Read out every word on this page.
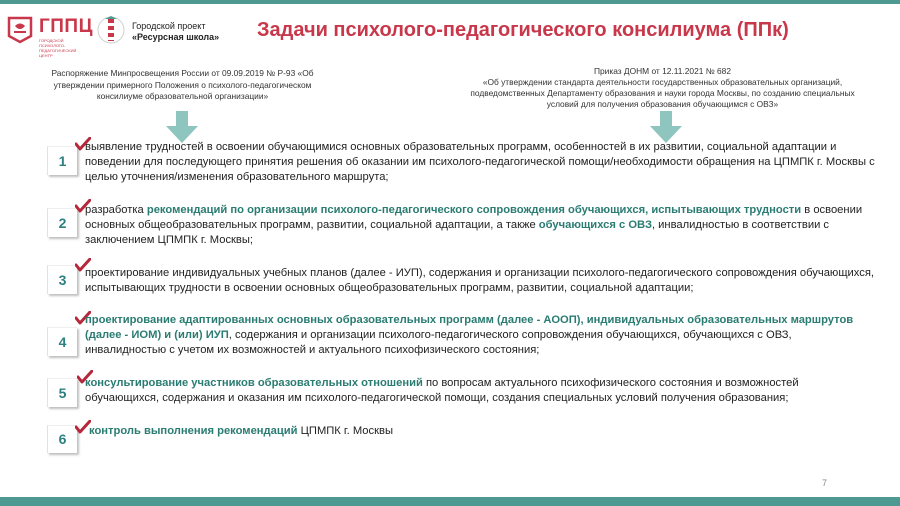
ГППЦ
ГОРОДСКОЙ ПСИХОЛОГО-ПЕДАГОГИЧЕСКИЙ ЦЕНТР
Городской проект
«Ресурсная школа» Задачи психолого-педагогического консилиума (ППк)
Распоряжение Минпросвещения России от 09.09.2019 № Р-93 «Об утверждении примерного Положения о психолого-педагогическом консилиуме образовательной организации»
Приказ ДОНМ от 12.11.2021 № 682
«Об утверждении стандарта деятельности государственных образовательных организаций, подведомственных Департаменту образования и науки города Москвы, по созданию специальных условий для получения образования обучающимся с ОВЗ»
1
выявление трудностей в освоении обучающимися основных образовательных программ, особенностей в их развитии, социальной адаптации и поведении для последующего принятия решения об оказании им психолого-педагогической помощи/необходимости обращения на ЦПМПК г. Москвы с целью уточнения/изменения образовательного маршрута;
2
разработка рекомендаций по организации психолого-педагогического сопровождения обучающихся, испытывающих трудности в освоении основных общеобразовательных программ, развитии, социальной адаптации, а также обучающихся с ОВЗ, инвалидностью в соответствии с заключением ЦПМПК г. Москвы;
3	проектирование индивидуальных учебных планов (далее - ИУП), содержания и организации психолого-педагогического сопровождения обучающихся, испытывающих трудности в освоении основных общеобразовательных программ, развитии, социальной адаптации;
4
проектирование адаптированных основных образовательных программ (далее - АООП), индивидуальных образовательных маршрутов (далее - ИОМ) и (или) ИУП, содержания и организации психолого-педагогического сопровождения обучающихся, обучающихся с ОВЗ, инвалидностью с учетом их возможностей и актуального психофизического состояния;
5
консультирование участников образовательных отношений по вопросам актуального психофизического состояния и возможностей обучающихся, содержания и оказания им психолого-педагогической помощи, создания специальных условий получения образования;
6	контроль выполнения рекомендаций ЦПМПК г. Москвы
7
